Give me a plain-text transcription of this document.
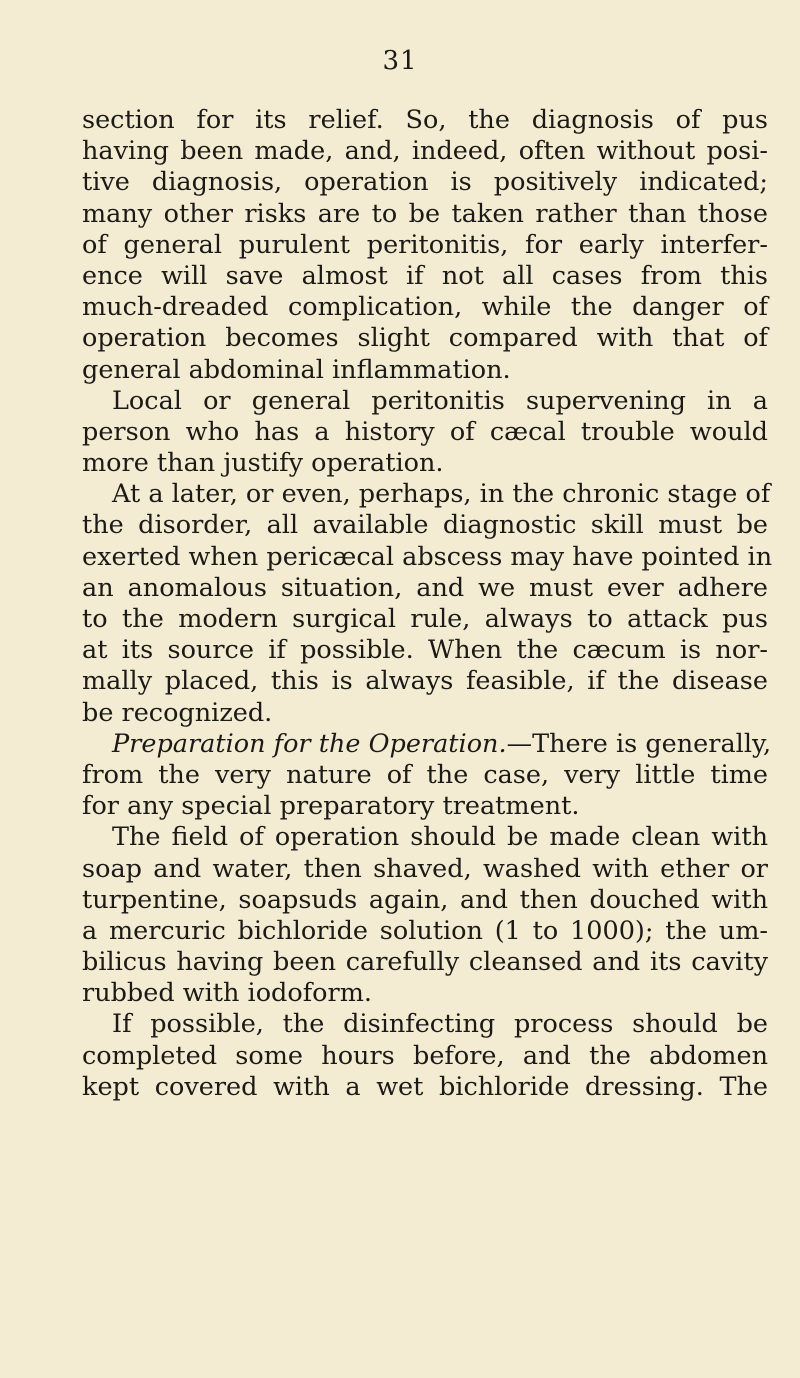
31
section for its relief. So, the diagnosis of pus
having been made, and, indeed, often without posi-
tive diagnosis, operation is positively indicated;
many other risks are to be taken rather than those
of general purulent peritonitis, for early interfer-
ence will save almost if not all cases from this
much-dreaded complication, while the danger of
operation becomes slight compared with that of
general abdominal inflammation.
Local or general peritonitis supervening in a
person who has a history of cæcal trouble would
more than justify operation.
At a later, or even, perhaps, in the chronic stage of
the disorder, all available diagnostic skill must be
exerted when pericæcal abscess may have pointed in
an anomalous situation, and we must ever adhere
to the modern surgical rule, always to attack pus
at its source if possible. When the cæcum is nor-
mally placed, this is always feasible, if the disease
be recognized.
Preparation for the Operation.—There is generally,
from the very nature of the case, very little time
for any special preparatory treatment.
The field of operation should be made clean with
soap and water, then shaved, washed with ether or
turpentine, soapsuds again, and then douched with
a mercuric bichloride solution (1 to 1000); the um-
bilicus having been carefully cleansed and its cavity
rubbed with iodoform.
If possible, the disinfecting process should be
completed some hours before, and the abdomen
kept covered with a wet bichloride dressing. The
